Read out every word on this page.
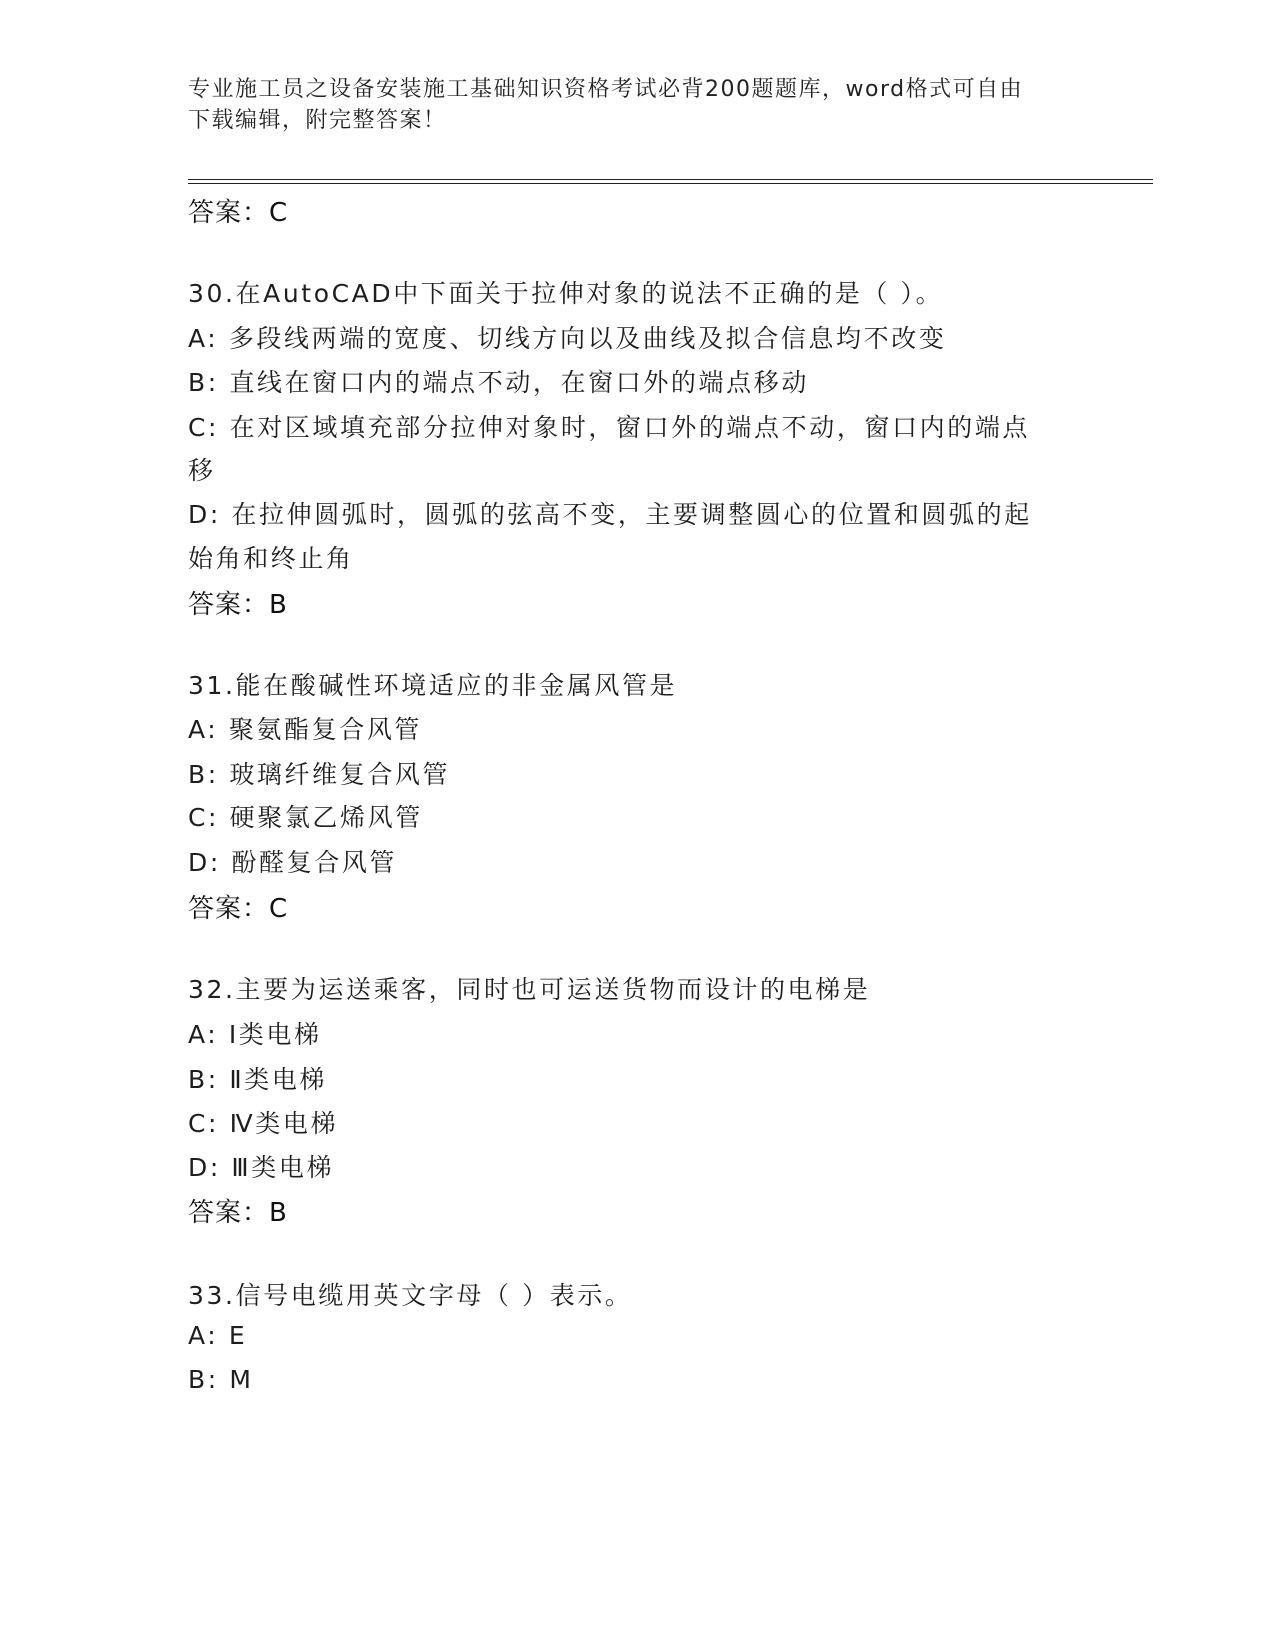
专业施工员之设备安装施工基础知识资格考试必背200题题库，word格式可自由
下载编辑，附完整答案！
答案：C
30.在AutoCAD中下面关于拉伸对象的说法不正确的是（ ）。
A: 多段线两端的宽度、切线方向以及曲线及拟合信息均不改变
B: 直线在窗口内的端点不动，在窗口外的端点移动
C: 在对区域填充部分拉伸对象时，窗口外的端点不动，窗口内的端点
移
D: 在拉伸圆弧时，圆弧的弦高不变，主要调整圆心的位置和圆弧的起
始角和终止角
答案：B
31.能在酸碱性环境适应的非金属风管是
A: 聚氨酯复合风管
B: 玻璃纤维复合风管
C: 硬聚氯乙烯风管
D: 酚醛复合风管
答案：C
32.主要为运送乘客，同时也可运送货物而设计的电梯是
A: I类电梯
B: Ⅱ类电梯
C: Ⅳ类电梯
D: Ⅲ类电梯
答案：B
33.信号电缆用英文字母（ ）表示。
A: E
B: M
